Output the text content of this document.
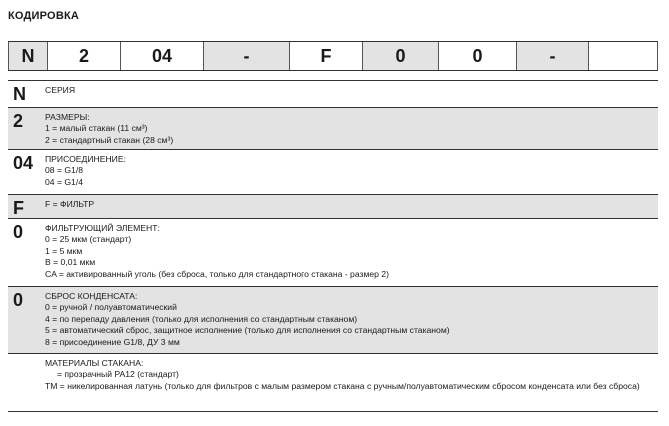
КОДИРОВКА
N	2	04	-	F	0	0	-
N	СЕРИЯ
2	РАЗМЕРЫ:
1 = малый стакан (11 см³)
2 = стандартный стакан (28 см³)
04	ПРИСОЕДИНЕНИЕ:
08 = G1/8
04 = G1/4
F	F = ФИЛЬТР
0	ФИЛЬТРУЮЩИЙ ЭЛЕМЕНТ:
0 = 25 мкм (стандарт)
1 = 5 мкм
B = 0,01 мкм
CA = активированный уголь (без сброса, только для стандартного стакана - размер 2)
0	СБРОС КОНДЕНСАТА:
0 = ручной / полуавтоматический
4 = по перепаду давления (только для исполнения со стандартным стаканом)
5 = автоматический сброс, защитное исполнение (только для исполнения со стандартным стаканом)
8 = присоединение G1/8, ДУ 3 мм
МАТЕРИАЛЫ СТАКАНА:
= прозрачный PA12 (стандарт)
TM = никелированная латунь (только для фильтров с малым размером стакана с ручным/полуавтоматическим сбросом конденсата или без сброса)
